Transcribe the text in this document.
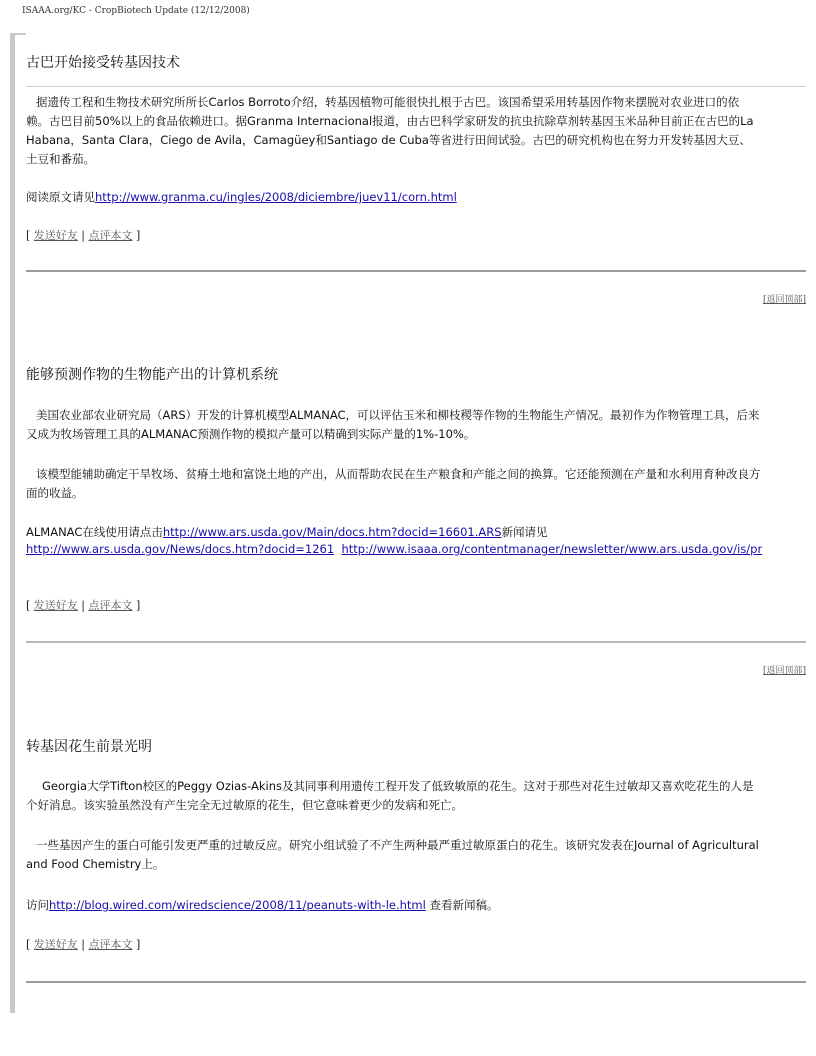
ISAAA.org/KC - CropBiotech Update (12/12/2008)
古巴开始接受转基因技术
据遗传工程和生物技术研究所所长Carlos Borroto介绍，转基因植物可能很快扎根于古巴。该国希望采用转基因作物来摆脱对农业进口的依赖。古巴目前50%以上的食品依赖进口。据Granma Internacional报道，由古巴科学家研发的抗虫抗除草剂转基因玉米品种目前正在古巴的La Habana，Santa Clara，Ciego de Avila，Camagüey和Santiago de Cuba等省进行田间试验。古巴的研究机构也在努力开发转基因大豆、土豆和番茄。
阅读原文请见http://www.granma.cu/ingles/2008/diciembre/juev11/corn.html
[ 发送好友 | 点评本文 ]
[返回顶部]
能够预测作物的生物能产出的计算机系统
美国农业部农业研究局（ARS）开发的计算机模型ALMANAC，可以评估玉米和柳枝稷等作物的生物能生产情况。最初作为作物管理工具，后来又成为牧场管理工具的ALMANAC预测作物的模拟产量可以精确到实际产量的1%-10%。
该模型能辅助确定干旱牧场、贫瘠土地和富饶土地的产出，从而帮助农民在生产粮食和产能之间的换算。它还能预测在产量和水利用育种改良方面的收益。
ALMANAC在线使用请点击http://www.ars.usda.gov/Main/docs.htm?docid=16601.ARS新闻请见http://www.ars.usda.gov/News/docs.htm?docid=1261 http://www.isaaa.org/contentmanager/newsletter/www.ars.usda.gov/is/pr
[ 发送好友 | 点评本文 ]
[返回顶部]
转基因花生前景光明
Georgia大学Tifton校区的Peggy Ozias-Akins及其同事利用遗传工程开发了低致敏原的花生。这对于那些对花生过敏却又喜欢吃花生的人是个好消息。该实验虽然没有产生完全无过敏原的花生，但它意味着更少的发病和死亡。
一些基因产生的蛋白可能引发更严重的过敏反应。研究小组试验了不产生两种最严重过敏原蛋白的花生。该研究发表在Journal of Agricultural and Food Chemistry上。
访问http://blog.wired.com/wiredscience/2008/11/peanuts-with-le.html 查看新闻稿。
[ 发送好友 | 点评本文 ]
